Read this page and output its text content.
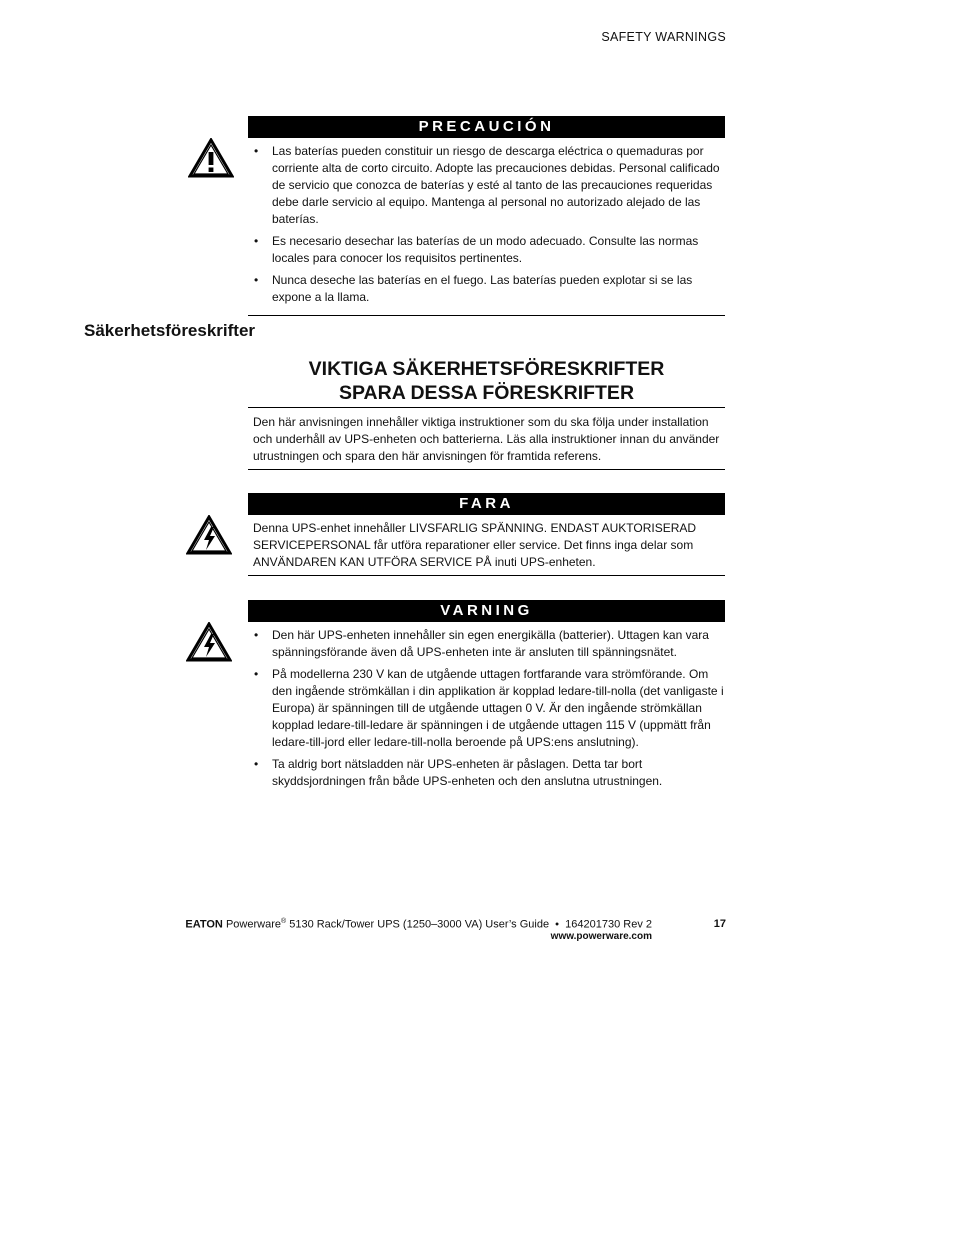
SAFETY WARNINGS
PRECAUCIÓN
• Las baterías pueden constituir un riesgo de descarga eléctrica o quemaduras por corriente alta de corto circuito. Adopte las precauciones debidas. Personal calificado de servicio que conozca de baterías y esté al tanto de las precauciones requeridas debe darle servicio al equipo. Mantenga al personal no autorizado alejado de las baterías.
• Es necesario desechar las baterías de un modo adecuado. Consulte las normas locales para conocer los requisitos pertinentes.
• Nunca deseche las baterías en el fuego. Las baterías pueden explotar si se las expone a la llama.
Säkerhetsföreskrifter
VIKTIGA SÄKERHETSFÖRESKRIFTER
SPARA DESSA FÖRESKRIFTER
Den här anvisningen innehåller viktiga instruktioner som du ska följa under installation och underhåll av UPS-enheten och batterierna. Läs alla instruktioner innan du använder utrustningen och spara den här anvisningen för framtida referens.
FARA
Denna UPS-enhet innehåller LIVSFARLIG SPÄNNING. ENDAST AUKTORISERAD SERVICEPERSONAL får utföra reparationer eller service. Det finns inga delar som ANVÄNDAREN KAN UTFÖRA SERVICE PÅ inuti UPS-enheten.
VARNING
• Den här UPS-enheten innehåller sin egen energikälla (batterier). Uttagen kan vara spänningsförande även då UPS-enheten inte är ansluten till spänningsnätet.
• På modellerna 230 V kan de utgående uttagen fortfarande vara strömförande. Om den ingående strömkällan i din applikation är kopplad ledare-till-nolla (det vanligaste i Europa) är spänningen till de utgående uttagen 0 V. Är den ingående strömkällan kopplad ledare-till-ledare är spänningen i de utgående uttagen 115 V (uppmätt från ledare-till-jord eller ledare-till-nolla beroende på UPS:ens anslutning).
• Ta aldrig bort nätsladden när UPS-enheten är påslagen. Detta tar bort skyddsjordningen från både UPS-enheten och den anslutna utrustningen.
EATON Powerware® 5130 Rack/Tower UPS (1250–3000 VA) User’s Guide  •  164201730 Rev 2
www.powerware.com
17
